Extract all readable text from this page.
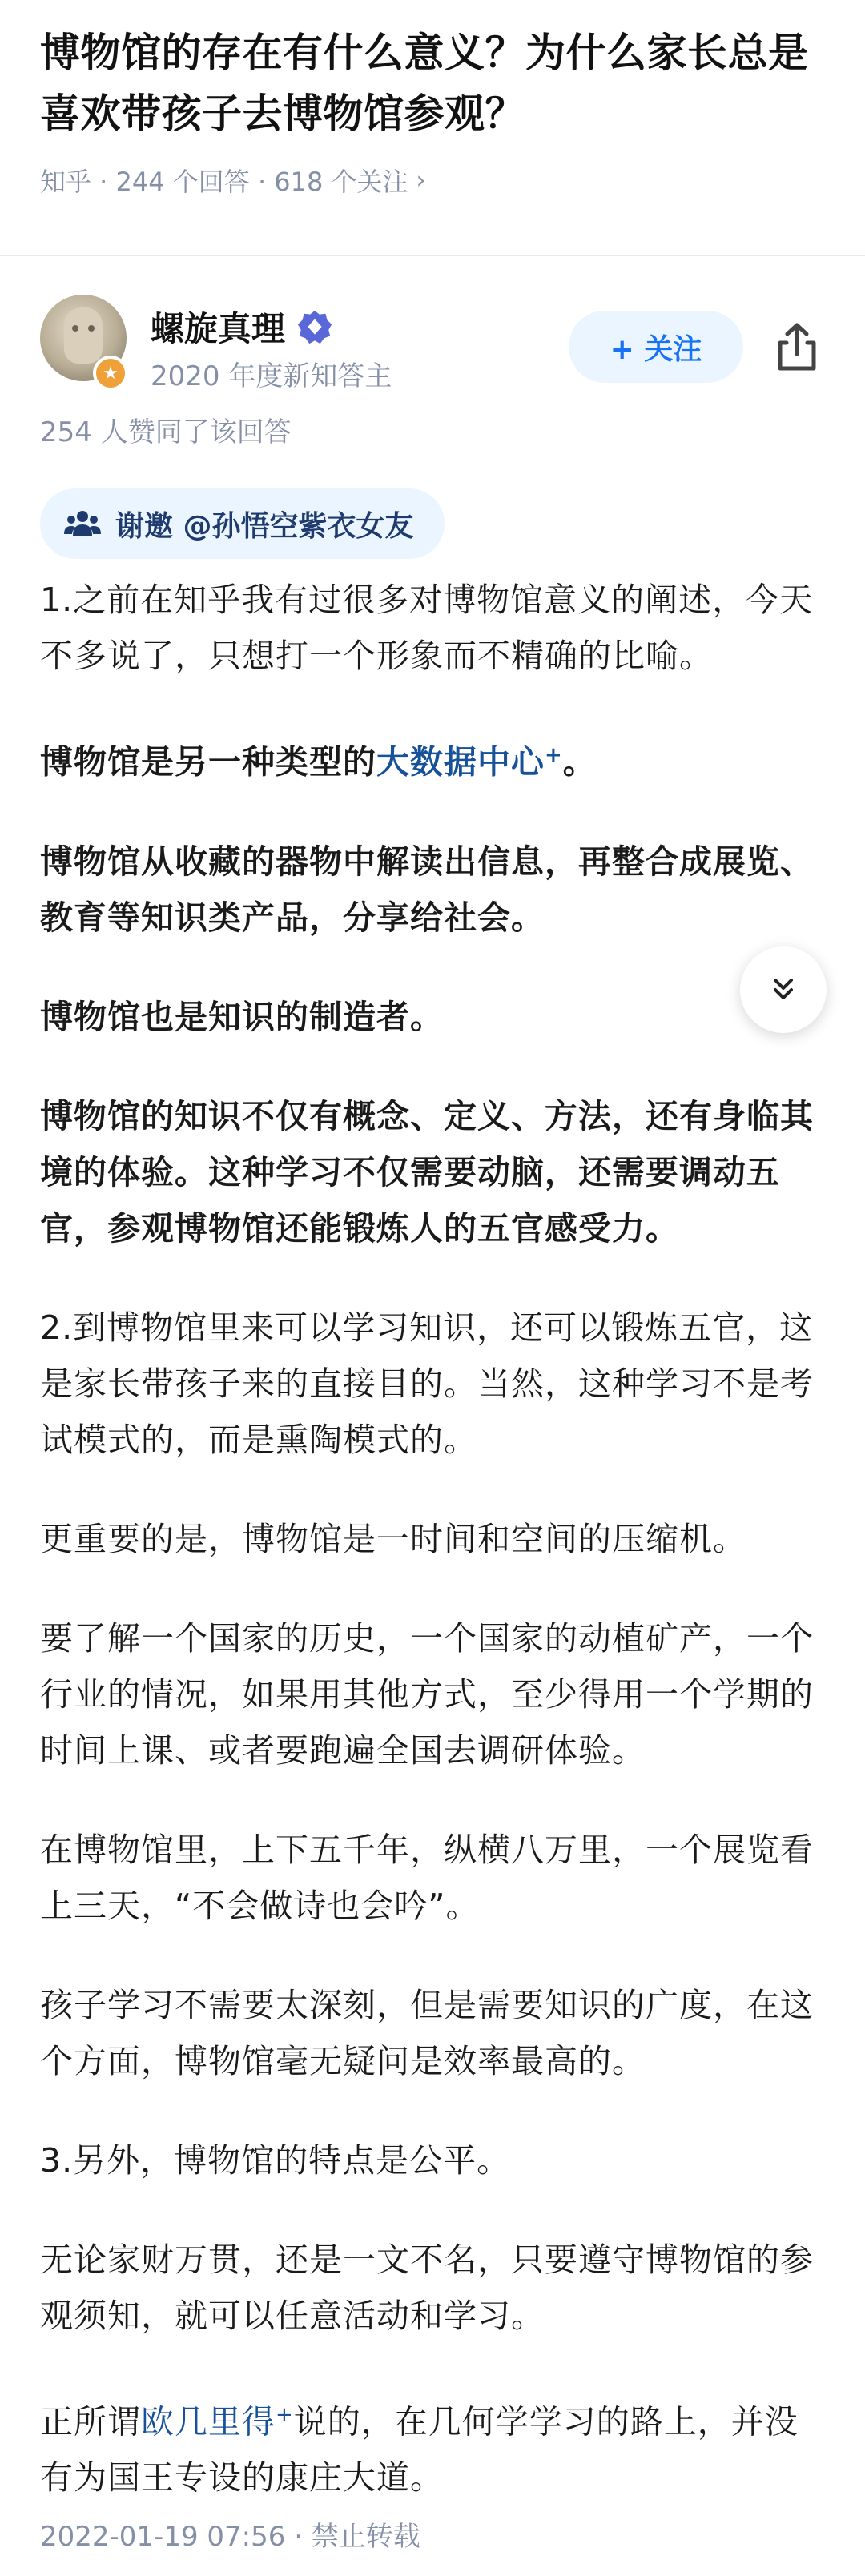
博物馆的存在有什么意义？为什么家长总是喜欢带孩子去博物馆参观？
知乎 · 244 个回答 · 618 个关注 ›
★
螺旋真理
2020 年度新知答主
+ 关注
254 人赞同了该回答
谢邀 @孙悟空紫衣女友

1.之前在知乎我有过很多对博物馆意义的阐述，今天不多说了，只想打一个形象而不精确的比喻。

博物馆是另一种类型的大数据中心+。

博物馆从收藏的器物中解读出信息，再整合成展览、教育等知识类产品，分享给社会。

博物馆也是知识的制造者。

博物馆的知识不仅有概念、定义、方法，还有身临其境的体验。这种学习不仅需要动脑，还需要调动五官，参观博物馆还能锻炼人的五官感受力。

2.到博物馆里来可以学习知识，还可以锻炼五官，这是家长带孩子来的直接目的。当然，这种学习不是考试模式的，而是熏陶模式的。

更重要的是，博物馆是一时间和空间的压缩机。

要了解一个国家的历史，一个国家的动植矿产，一个行业的情况，如果用其他方式，至少得用一个学期的时间上课、或者要跑遍全国去调研体验。

在博物馆里，上下五千年，纵横八万里，一个展览看上三天，“不会做诗也会吟”。

孩子学习不需要太深刻，但是需要知识的广度，在这个方面，博物馆毫无疑问是效率最高的。

3.另外，博物馆的特点是公平。

无论家财万贯，还是一文不名，只要遵守博物馆的参观须知，就可以任意活动和学习。

正所谓欧几里得+说的，在几何学学习的路上，并没有为国王专设的康庄大道。

2022-01-19 07:56 · 禁止转载
